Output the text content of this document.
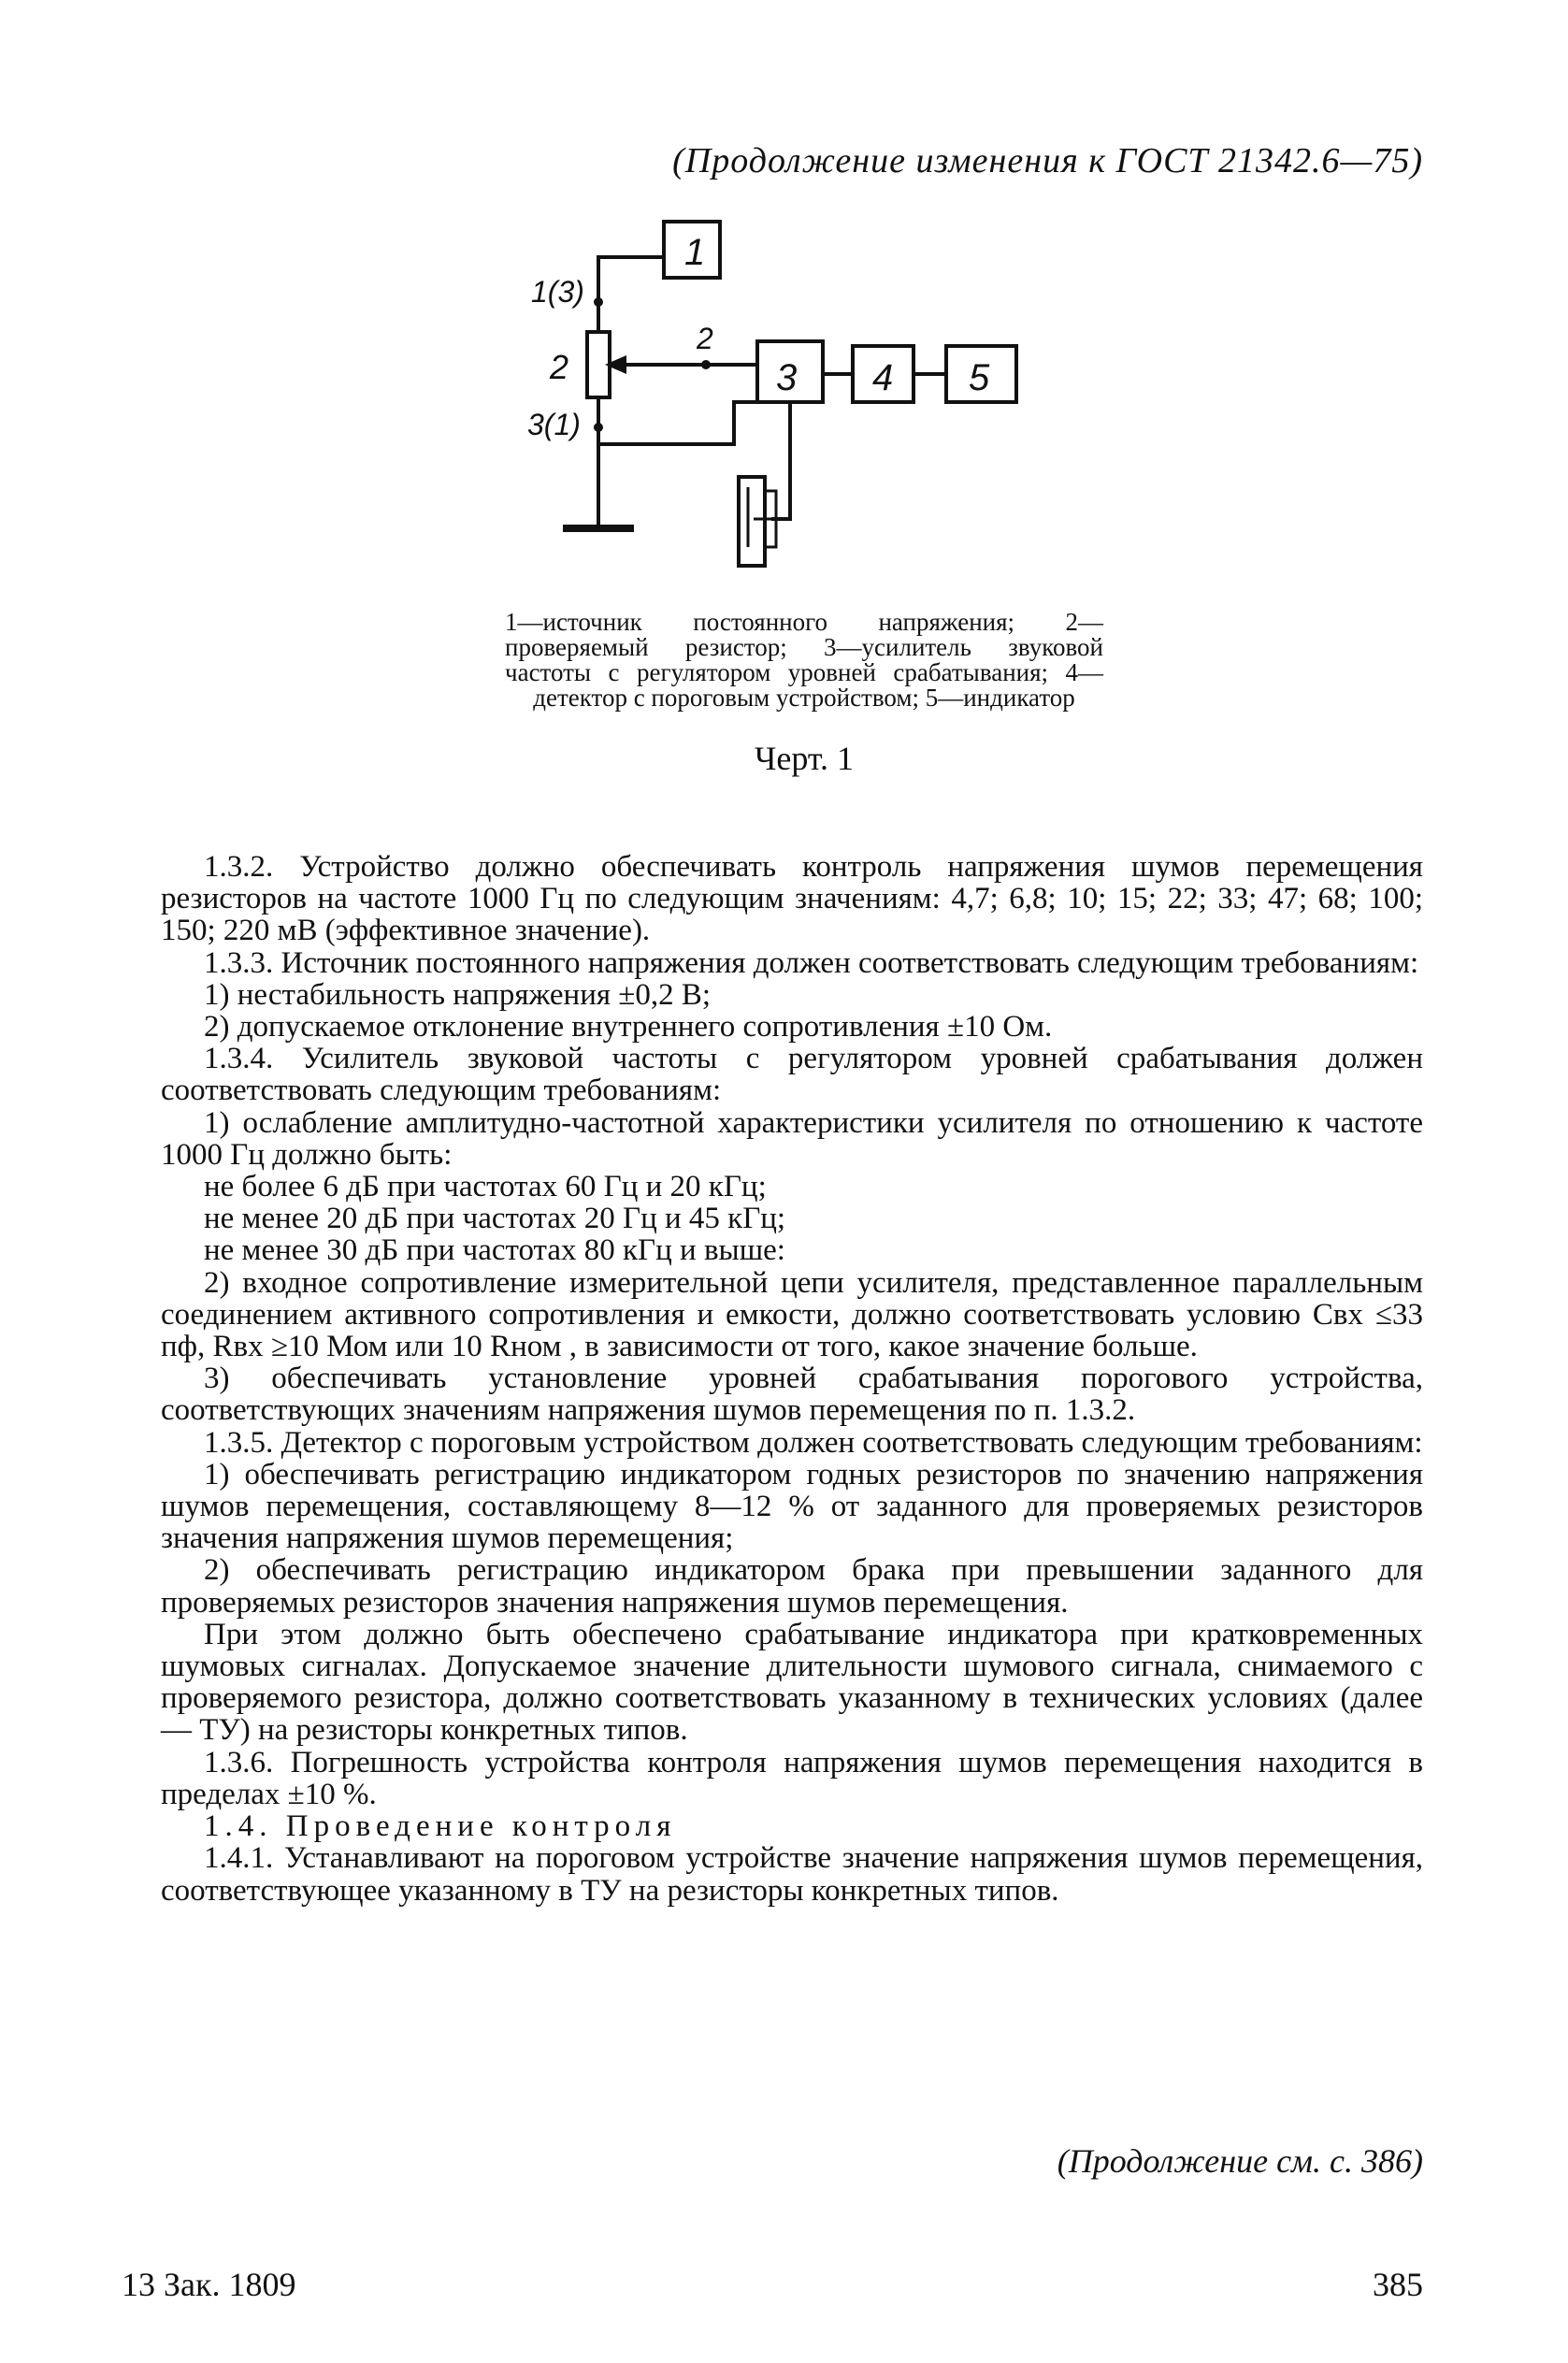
(Продолжение изменения к ГОСТ 21342.6—75)
1
3 4 5
1(3)
2
3(1)
2
1—источник постоянного напряжения; 2—проверяемый резистор; 3—усилитель звуковой частоты с регулятором уровней срабатывания; 4—детектор с пороговым устройством; 5—индикатор
Черт. 1

1.3.2. Устройство должно обеспечивать контроль напряжения шумов перемещения резисторов на частоте 1000 Гц по следующим значениям: 4,7; 6,8; 10; 15; 22; 33; 47; 68; 100; 150; 220 мВ (эффективное значение).

1.3.3. Источник постоянного напряжения должен соответствовать следующим требованиям:

1) нестабильность напряжения ±0,2 В;

2) допускаемое отклонение внутреннего сопротивления ±10 Ом.

1.3.4. Усилитель звуковой частоты с регулятором уровней срабатывания должен соответствовать следующим требованиям:

1) ослабление амплитудно-частотной характеристики усилителя по отношению к частоте 1000 Гц должно быть:

не более 6 дБ при частотах 60 Гц и 20 кГц;

не менее 20 дБ при частотах 20 Гц и 45 кГц;

не менее 30 дБ при частотах 80 кГц и выше:

2) входное сопротивление измерительной цепи усилителя, представленное параллельным соединением активного сопротивления и емкости, должно соответствовать условию Cвх ≤33 пф, Rвх ≥10 Мом или 10 Rном , в зависимости от того, какое значение больше.

3) обеспечивать установление уровней срабатывания порогового устройства, соответствующих значениям напряжения шумов перемещения по п. 1.3.2.

1.3.5. Детектор с пороговым устройством должен соответствовать следующим требованиям:

1) обеспечивать регистрацию индикатором годных резисторов по значению напряжения шумов перемещения, составляющему 8—12 % от заданного для проверяемых резисторов значения напряжения шумов перемещения;

2) обеспечивать регистрацию индикатором брака при превышении заданного для проверяемых резисторов значения напряжения шумов перемещения.

При этом должно быть обеспечено срабатывание индикатора при кратковременных шумовых сигналах. Допускаемое значение длительности шумового сигнала, снимаемого с проверяемого резистора, должно соответствовать указанному в технических условиях (далее — ТУ) на резисторы конкретных типов.

1.3.6. Погрешность устройства контроля напряжения шумов перемещения находится в пределах ±10 %.

1.4. Проведение контроля

1.4.1. Устанавливают на пороговом устройстве значение напряжения шумов перемещения, соответствующее указанному в ТУ на резисторы конкретных типов.

(Продолжение см. с. 386)
13 Зак. 1809	385
